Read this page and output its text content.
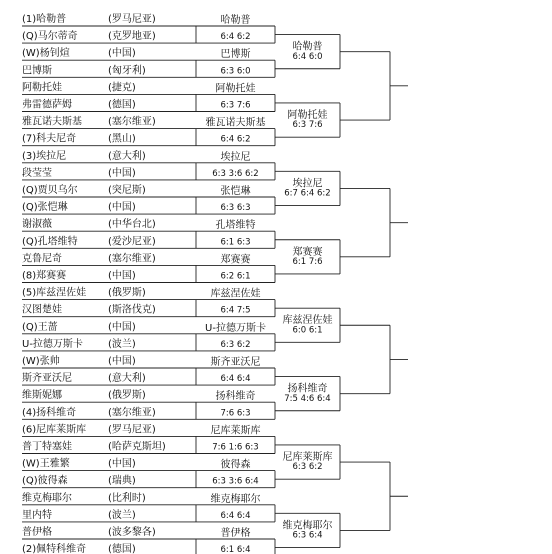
(1)哈勒普	(罗马尼亚)
(Q)马尔蒂奇	(克罗地亚)
(W)杨钊煊	(中国)
巴博斯	(匈牙利)
阿勒托娃	(捷克)
弗雷德萨姆	(德国)
雅瓦诺夫斯基	(塞尔维亚)
(7)科夫尼奇	(黑山)
(3)埃拉尼	(意大利)
段莹莹	(中国)
(Q)贾贝乌尔	(突尼斯)
(Q)张恺琳	(中国)
谢淑薇	(中华台北)
(Q)孔塔维特	(爱沙尼亚)
克鲁尼奇	(塞尔维亚)
(8)郑赛赛	(中国)
(5)库兹涅佐娃 (俄罗斯)
汉图楚娃	(斯洛伐克)
(Q)王蔷	(中国)
U-拉德万斯卡	(波兰)
(W)张帅	(中国)
斯齐亚沃尼	(意大利)
维斯妮娜	(俄罗斯)
(4)扬科维奇	(塞尔维亚)
(6)尼库莱斯库 (罗马尼亚)
普丁特塞娃	(哈萨克斯坦)
(W)王雅繁	(中国)
(Q)彼得森	(瑞典)
维克梅耶尔	(比利时)
里内特	(波兰)
普伊格	(波多黎各)
(2)佩特科维奇 (德国)
哈勒普
6:4 6:2
巴博斯
6:3 6:0
阿勒托娃
6:3 7:6
雅瓦诺夫斯基
6:4 6:2
埃拉尼
6:3 3:6 6:2
张恺琳
6:3 6:3
孔塔维特
6:1 6:3
郑赛赛
6:2 6:1
库兹涅佐娃
6:4 7:5
U-拉德万斯卡
6:3 6:2
斯齐亚沃尼
6:4 6:4
扬科维奇
7:6 6:3
尼库莱斯库
7:6 1:6 6:3
彼得森
6:3 3:6 6:4
维克梅耶尔
6:4 6:4
普伊格
6:1 6:4
哈勒普
6:4 6:0
阿勒托娃
6:3 7:6
埃拉尼
6:7 6:4 6:2
郑赛赛
6:1 7:6
库兹涅佐娃
6:0 6:1
扬科维奇
7:5 4:6 6:4
尼库莱斯库
6:3 6:2
维克梅耶尔
6:3 6:4
